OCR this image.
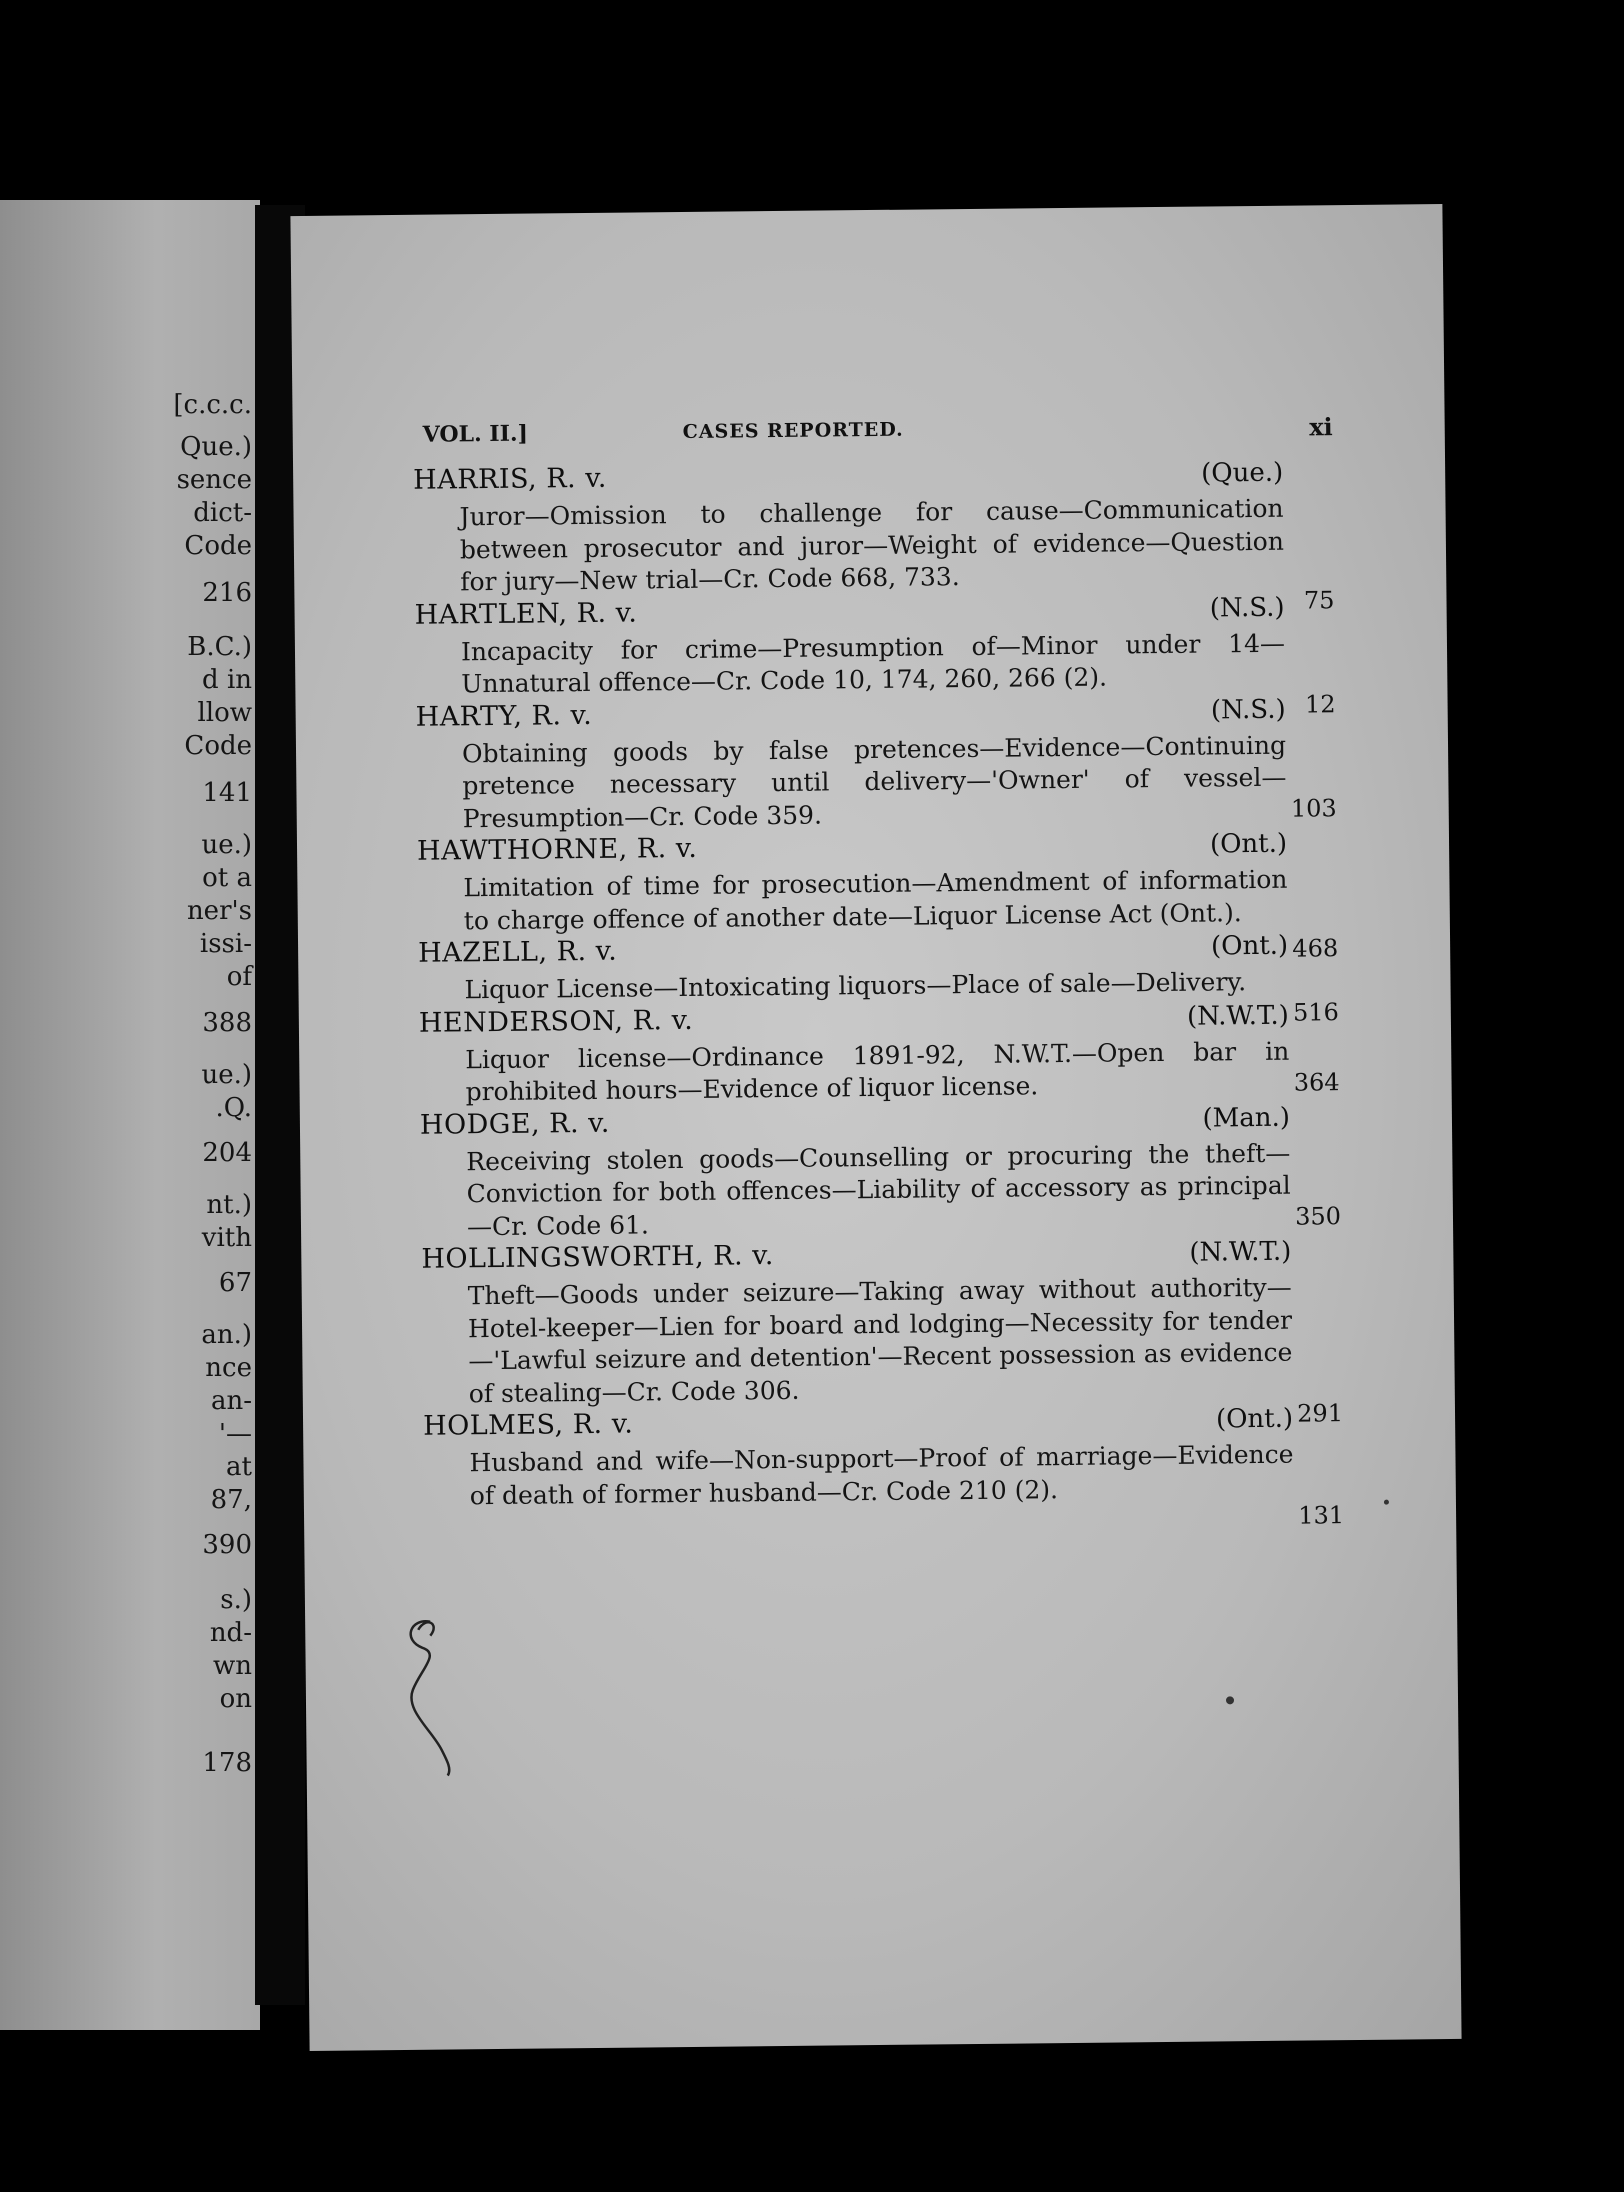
[c.c.c.
Que.)
sence
dict-
Code
216
B.C.)
d in
llow
Code
141
ue.)
ot a
ner's
issi-
of
388
ue.)
.Q.
204
nt.)
vith
67
an.)
nce
an-
'—
at
87,
390
s.)
nd-
wn
on
178
VOL. II.]	CASES REPORTED.	xi
HARRIS, R. v.	(Que.)
Juror—Omission to challenge for cause—Communication between prosecutor and juror—Weight of evidence—Question for jury—New trial—Cr. Code 668, 733.
75
HARTLEN, R. v.	(N.S.)
Incapacity for crime—Presumption of—Minor under 14—Unnatural offence—Cr. Code 10, 174, 260, 266 (2).
12
HARTY, R. v.	(N.S.)
Obtaining goods by false pretences—Evidence—Continuing pretence necessary until delivery—'Owner' of vessel—Presumption—Cr. Code 359.	103
HAWTHORNE, R. v.	(Ont.)
Limitation of time for prosecution—Amendment of information to charge offence of another date—Liquor License Act (Ont.).
468
HAZELL, R. v.	(Ont.)
Liquor License—Intoxicating liquors—Place of sale—Delivery.
516
HENDERSON, R. v.	(N.W.T.)
Liquor license—Ordinance 1891-92, N.W.T.—Open bar in prohibited hours—Evidence of liquor license.	364
HODGE, R. v.	(Man.)
Receiving stolen goods—Counselling or procuring the theft—Conviction for both offences—Liability of accessory as principal—Cr. Code 61.	350
HOLLINGSWORTH, R. v.	(N.W.T.)
Theft—Goods under seizure—Taking away without authority—Hotel-keeper—Lien for board and lodging—Necessity for tender—'Lawful seizure and detention'—Recent possession as evidence of stealing—Cr. Code 306.
291
HOLMES, R. v.	(Ont.)
Husband and wife—Non-support—Proof of marriage—Evidence of death of former husband—Cr. Code 210 (2).
131
